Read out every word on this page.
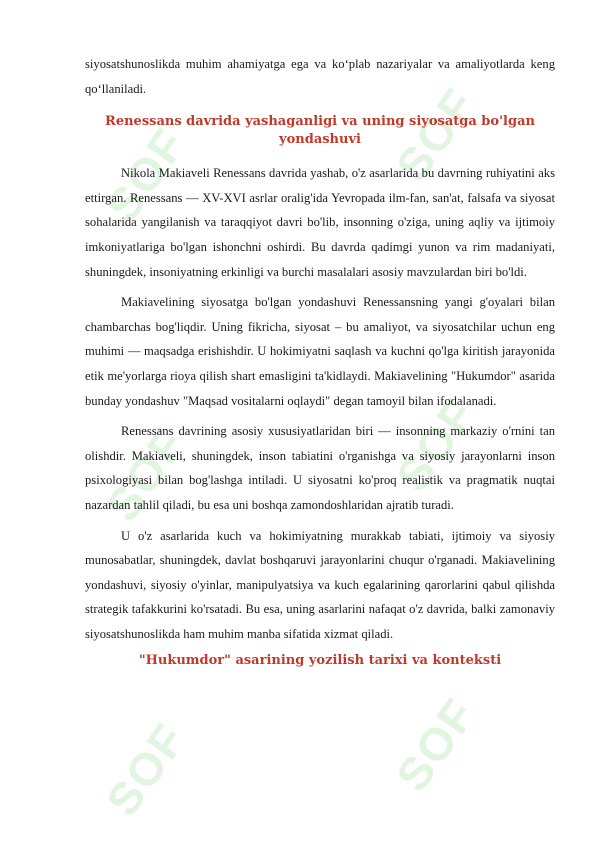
SOF	SOF
SOF	SOF
SOF	SOF

siyosatshunoslikda muhim ahamiyatga ega va koʻplab nazariyalar va amaliyotlarda keng qoʻllaniladi.

Renessans davrida yashaganligi va uning siyosatga bo'lgan yondashuvi

Nikola Makiaveli Renessans davrida yashab, o'z asarlarida bu davrning ruhiyatini aks ettirgan. Renessans — XV-XVI asrlar oralig'ida Yevropada ilm-fan, san'at, falsafa va siyosat sohalarida yangilanish va taraqqiyot davri bo'lib, insonning o'ziga, uning aqliy va ijtimoiy imkoniyatlariga bo'lgan ishonchni oshirdi. Bu davrda qadimgi yunon va rim madaniyati, shuningdek, insoniyatning erkinligi va burchi masalalari asosiy mavzulardan biri bo'ldi.

Makiavelining siyosatga bo'lgan yondashuvi Renessansning yangi g'oyalari bilan chambarchas bog'liqdir. Uning fikricha, siyosat – bu amaliyot, va siyosatchilar uchun eng muhimi — maqsadga erishishdir. U hokimiyatni saqlash va kuchni qo'lga kiritish jarayonida etik me'yorlarga rioya qilish shart emasligini ta'kidlaydi. Makiavelining "Hukumdor" asarida bunday yondashuv "Maqsad vositalarni oqlaydi" degan tamoyil bilan ifodalanadi.

Renessans davrining asosiy xususiyatlaridan biri — insonning markaziy o'rnini tan olishdir. Makiaveli, shuningdek, inson tabiatini o'rganishga va siyosiy jarayonlarni inson psixologiyasi bilan bog'lashga intiladi. U siyosatni ko'proq realistik va pragmatik nuqtai nazardan tahlil qiladi, bu esa uni boshqa zamondoshlaridan ajratib turadi.

U o'z asarlarida kuch va hokimiyatning murakkab tabiati, ijtimoiy va siyosiy munosabatlar, shuningdek, davlat boshqaruvi jarayonlarini chuqur o'rganadi. Makiavelining yondashuvi, siyosiy o'yinlar, manipulyatsiya va kuch egalarining qarorlarini qabul qilishda strategik tafakkurini ko'rsatadi. Bu esa, uning asarlarini nafaqat o'z davrida, balki zamonaviy siyosatshunoslikda ham muhim manba sifatida xizmat qiladi.

"Hukumdor" asarining yozilish tarixi va konteksti
